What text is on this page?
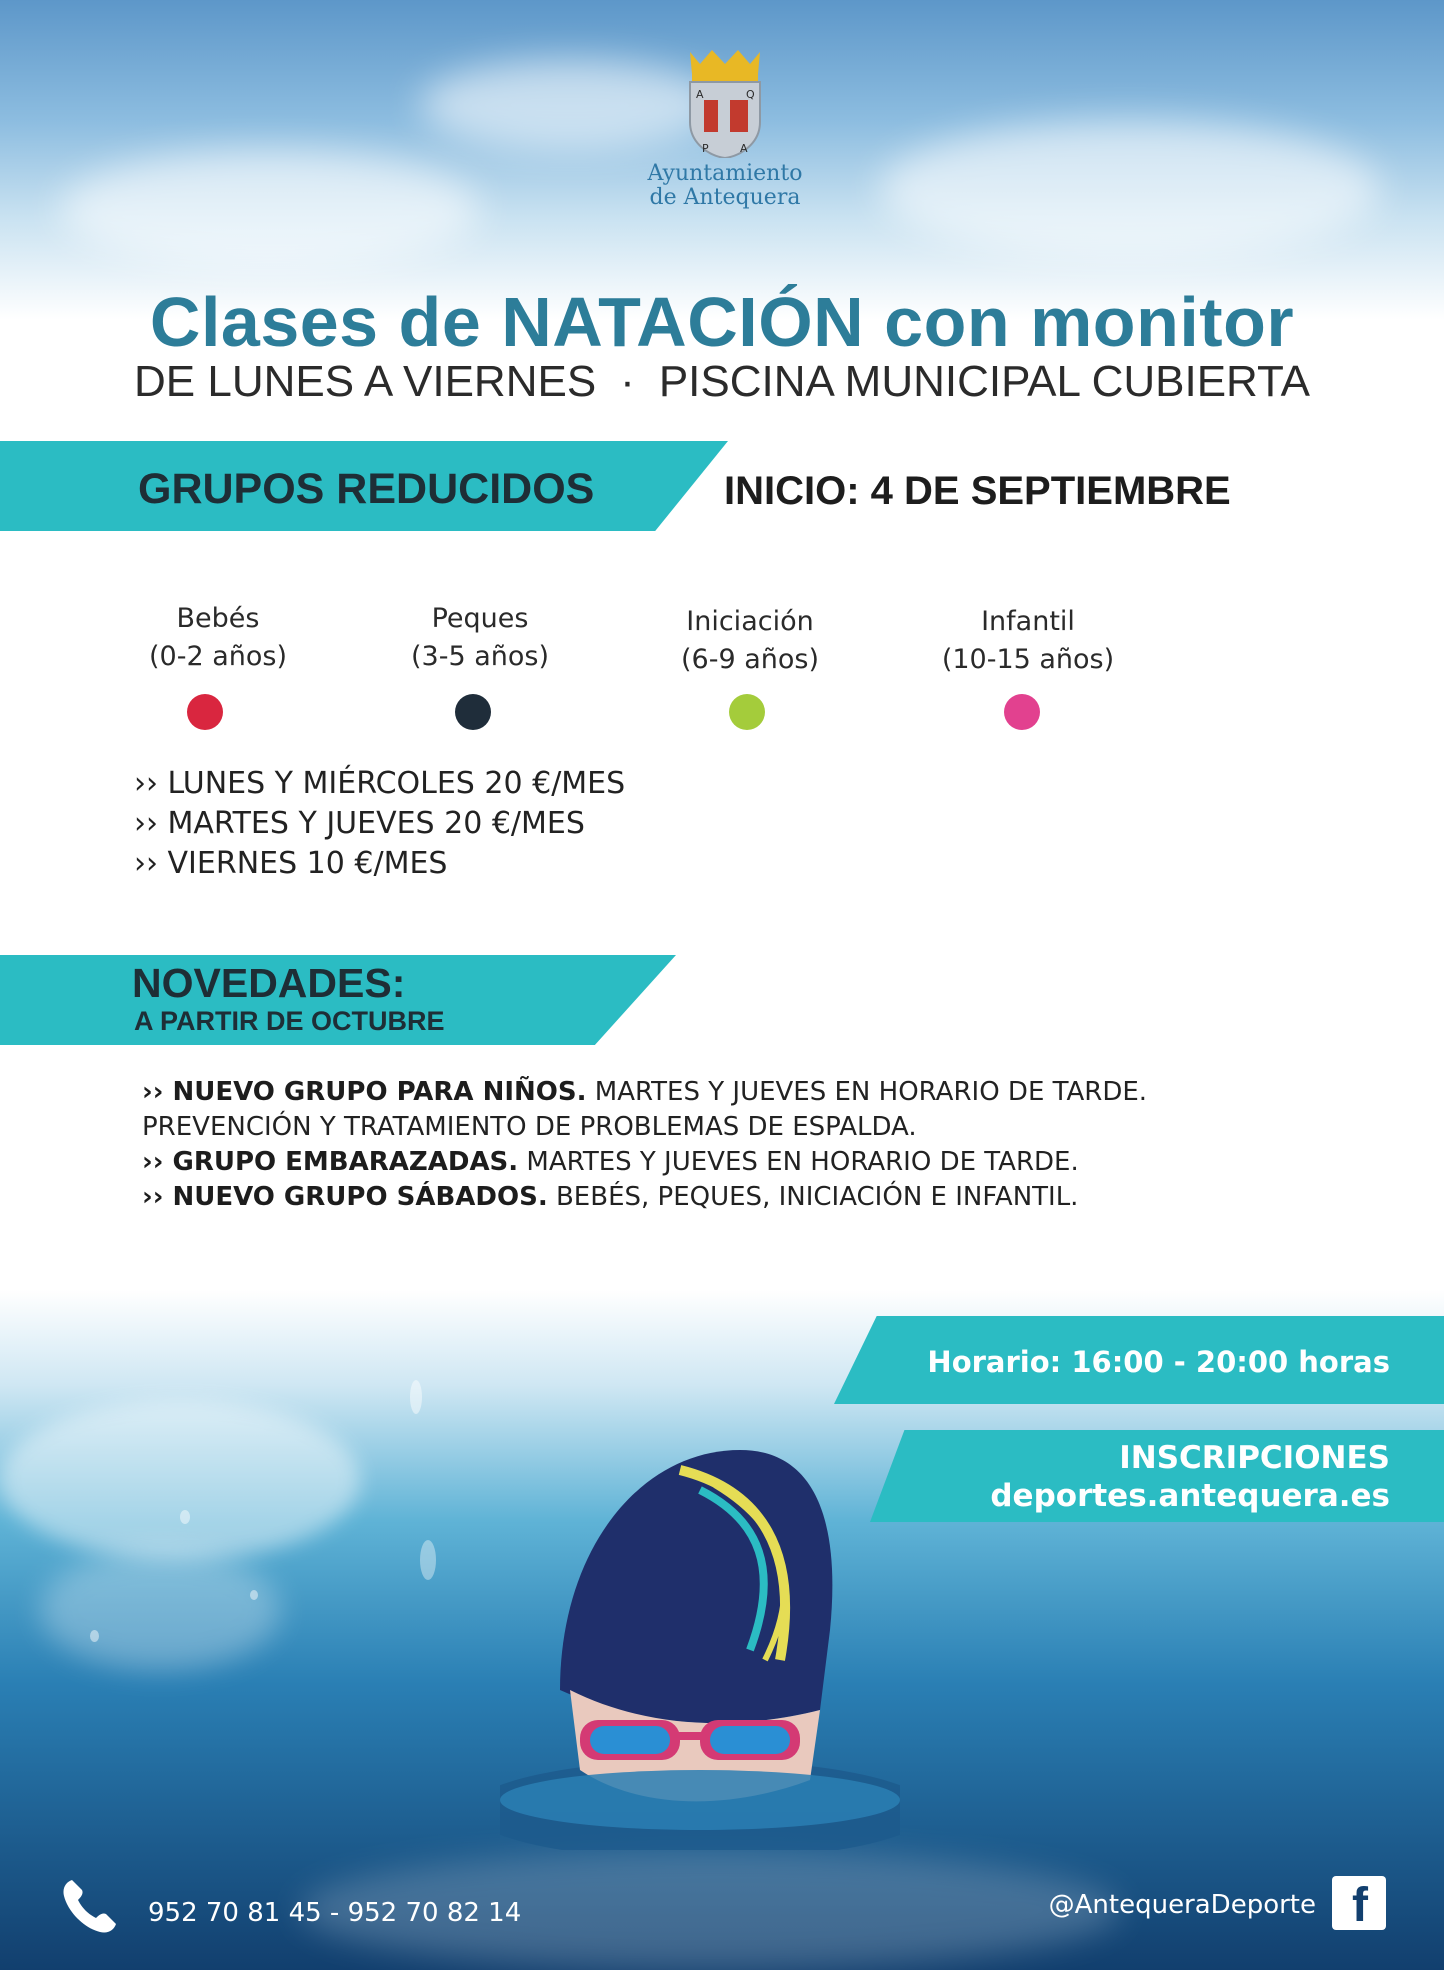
A	Q
P	A
Ayuntamiento
de Antequera
Clases de NATACIÓN con monitor
DE LUNES A VIERNES · PISCINA MUNICIPAL CUBIERTA
GRUPOS REDUCIDOS	INICIO: 4 DE SEPTIEMBRE
Bebés
(0-2 años)
Peques
(3-5 años)
Iniciación
(6-9 años)
Infantil
(10-15 años)
›› LUNES Y MIÉRCOLES 20 €/MES
›› MARTES Y JUEVES 20 €/MES
›› VIERNES 10 €/MES
NOVEDADES:
A PARTIR DE OCTUBRE
›› NUEVO GRUPO PARA NIÑOS. MARTES Y JUEVES EN HORARIO DE TARDE.
PREVENCIÓN Y TRATAMIENTO DE PROBLEMAS DE ESPALDA.
›› GRUPO EMBARAZADAS. MARTES Y JUEVES EN HORARIO DE TARDE.
›› NUEVO GRUPO SÁBADOS. BEBÉS, PEQUES, INICIACIÓN E INFANTIL.
Horario: 16:00 - 20:00 horas
INSCRIPCIONES
deportes.antequera.es
952 70 81 45 - 952 70 82 14	@AntequeraDeporte f
